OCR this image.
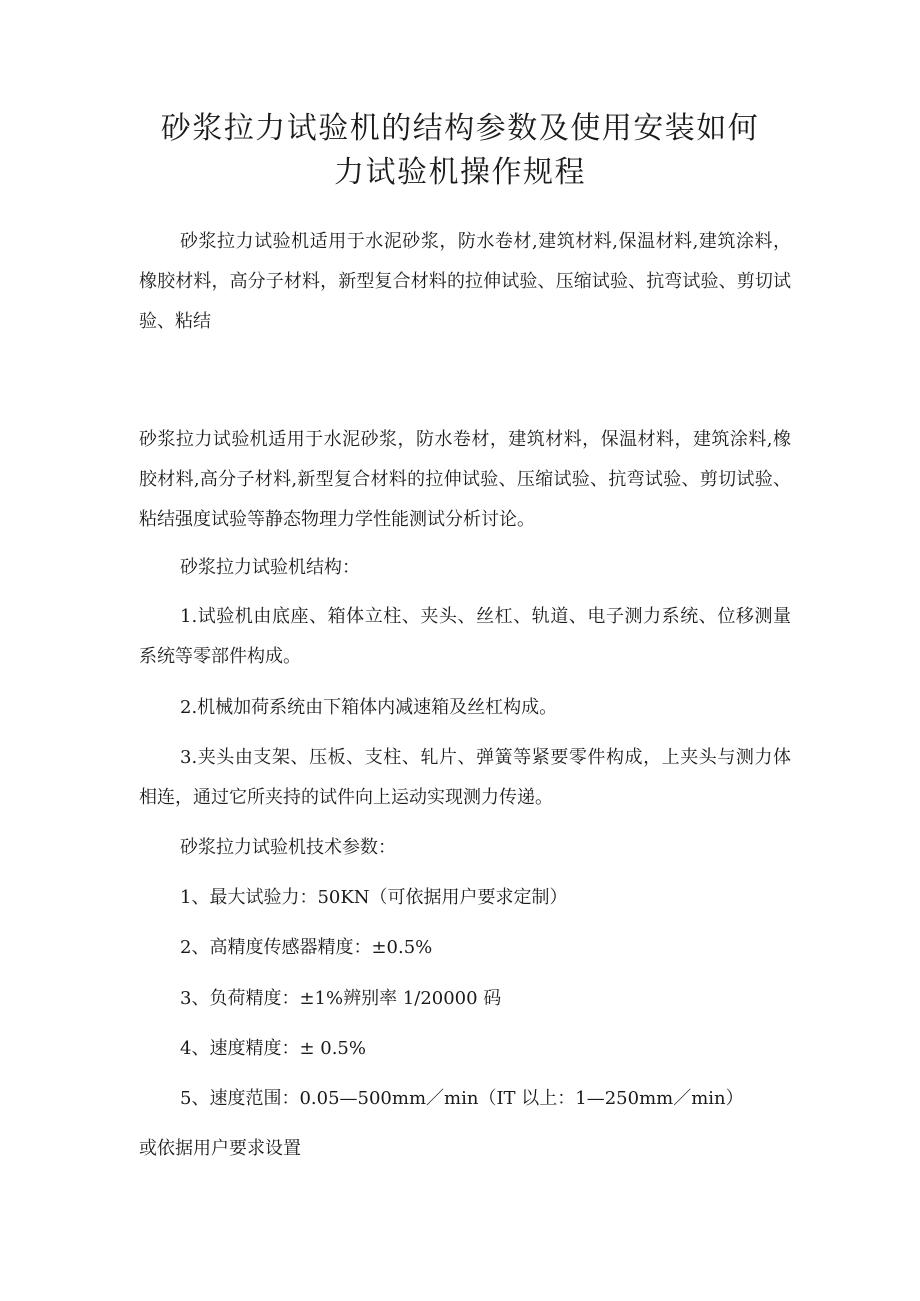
砂浆拉力试验机的结构参数及使用安装如何
力试验机操作规程

砂浆拉力试验机适用于水泥砂浆，防水卷材,建筑材料,保温材料,建筑涂料，橡胶材料，高分子材料，新型复合材料的拉伸试验、压缩试验、抗弯试验、剪切试验、粘结

砂浆拉力试验机适用于水泥砂浆，防水卷材，建筑材料，保温材料，建筑涂料,橡胶材料,高分子材料,新型复合材料的拉伸试验、压缩试验、抗弯试验、剪切试验、粘结强度试验等静态物理力学性能测试分析讨论。

砂浆拉力试验机结构：

1.试验机由底座、箱体立柱、夹头、丝杠、轨道、电子测力系统、位移测量系统等零部件构成。

2.机械加荷系统由下箱体内减速箱及丝杠构成。

3.夹头由支架、压板、支柱、轧片、弹簧等紧要零件构成，上夹头与测力体相连，通过它所夹持的试件向上运动实现测力传递。

砂浆拉力试验机技术参数：

1、最大试验力：50KN（可依据用户要求定制）

2、高精度传感器精度：±0.5%

3、负荷精度：±1%辨别率 1/20000 码

4、速度精度：± 0.5%

5、速度范围：0.05—500mm／min（IT 以上：1—250mm／min）

或依据用户要求设置
